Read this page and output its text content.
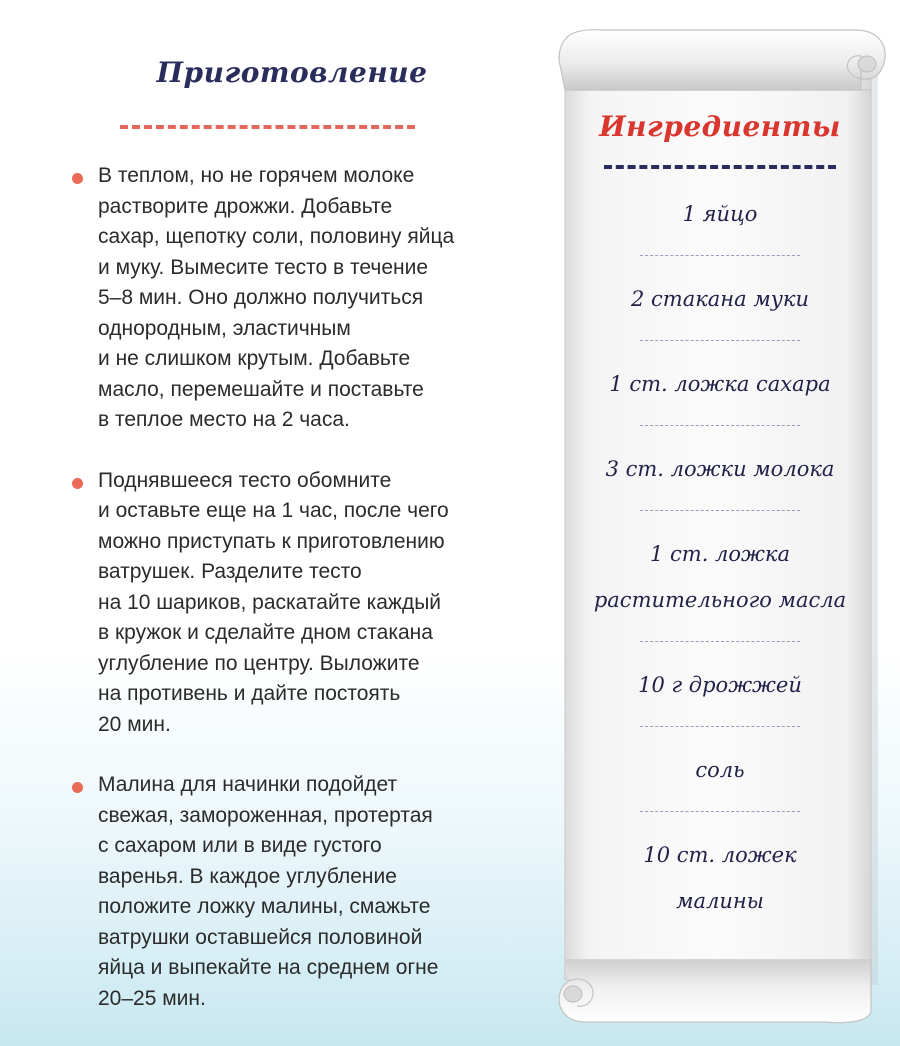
Приготовление
В теплом, но не горячем молоке
растворите дрожжи. Добавьте
сахар, щепотку соли, половину яйца
и муку. Вымесите тесто в течение
5–8 мин. Оно должно получиться
однородным, эластичным
и не слишком крутым. Добавьте
масло, перемешайте и поставьте
в теплое место на 2 часа.
Поднявшееся тесто обомните
и оставьте еще на 1 час, после чего
можно приступать к приготовлению
ватрушек. Разделите тесто
на 10 шариков, раскатайте каждый
в кружок и сделайте дном стакана
углубление по центру. Выложите
на противень и дайте постоять
20 мин.
Малина для начинки подойдет
свежая, замороженная, протертая
с сахаром или в виде густого
варенья. В каждое углубление
положите ложку малины, смажьте
ватрушки оставшейся половиной
яйца и выпекайте на среднем огне
20–25 мин.
Ингредиенты
1 яйцо
2 стакана муки
1 ст. ложка сахара
3 ст. ложки молока
1 ст. ложка
растительного масла
10 г дрожжей
соль
10 ст. ложек
малины
